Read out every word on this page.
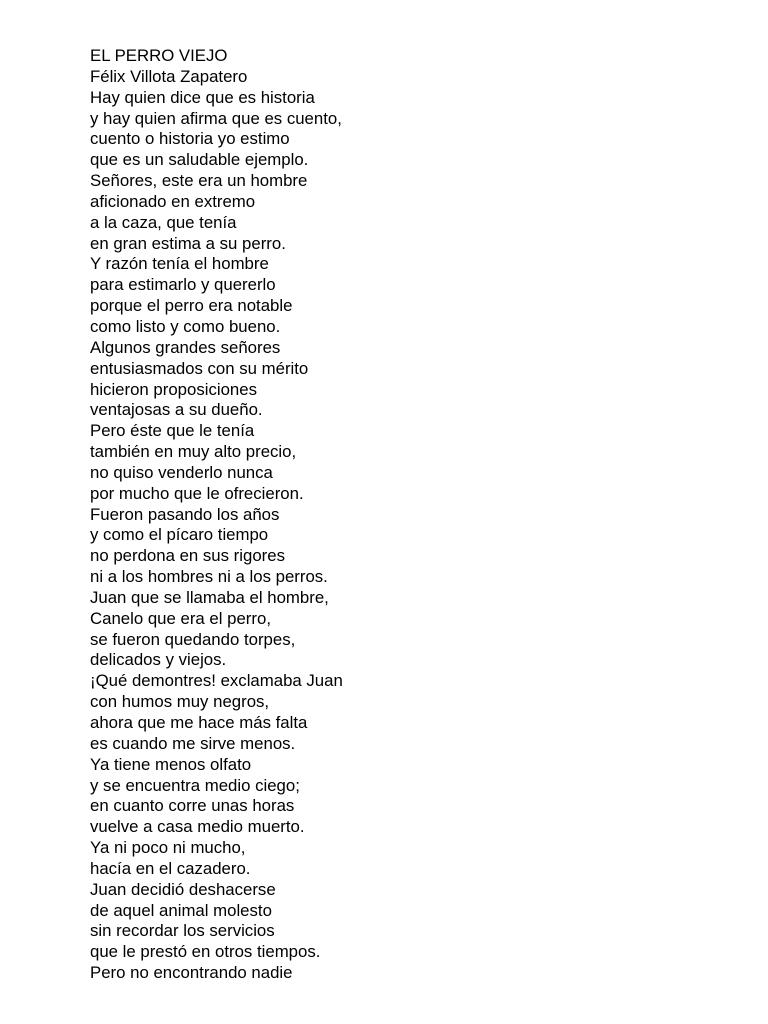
EL PERRO VIEJO
Félix Villota Zapatero
Hay quien dice que es historia
y hay quien afirma que es cuento,
cuento o historia yo estimo
que es un saludable ejemplo.
Señores, este era un hombre
aficionado en extremo
a la caza, que tenía
en gran estima a su perro.
Y razón tenía el hombre
para estimarlo y quererlo
porque el perro era notable
como listo y como bueno.
Algunos grandes señores
entusiasmados con su mérito
hicieron proposiciones
ventajosas a su dueño.
Pero éste que le tenía
también en muy alto precio,
no quiso venderlo nunca
por mucho que le ofrecieron.
Fueron pasando los años
y como el pícaro tiempo
no perdona en sus rigores
ni a los hombres ni a los perros.
Juan que se llamaba el hombre,
Canelo que era el perro,
se fueron quedando torpes,
delicados y viejos.
¡Qué demontres! exclamaba Juan
con humos muy negros,
ahora que me hace más falta
es cuando me sirve menos.
Ya tiene menos olfato
y se encuentra medio ciego;
en cuanto corre unas horas
vuelve a casa medio muerto.
Ya ni poco ni mucho,
hacía en el cazadero.
Juan decidió deshacerse
de aquel animal molesto
sin recordar los servicios
que le prestó en otros tiempos.
Pero no encontrando nadie
